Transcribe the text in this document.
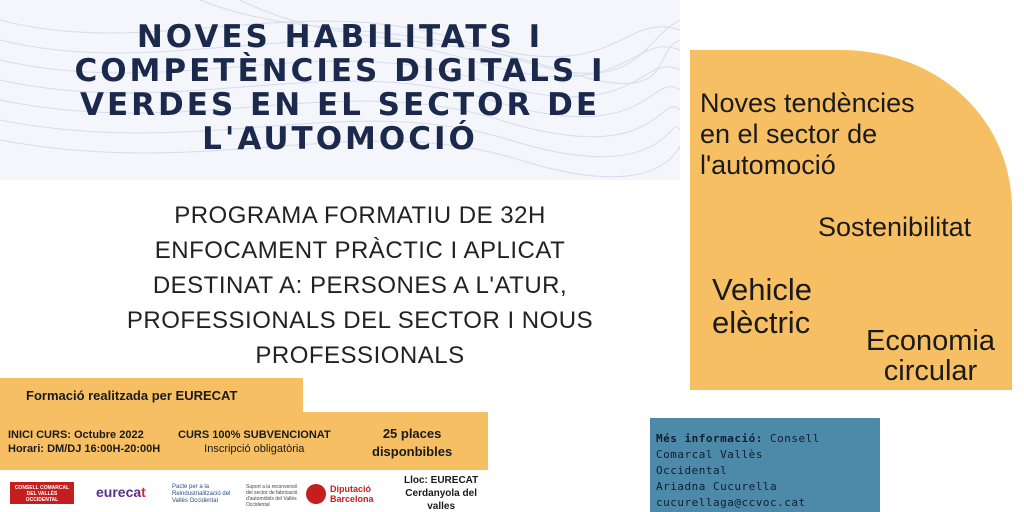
NOVES HABILITATS I
COMPETÈNCIES DIGITALS I
VERDES EN EL SECTOR DE
L'AUTOMOCIÓ
PROGRAMA FORMATIU DE 32H
ENFOCAMENT PRÀCTIC I APLICAT
DESTINAT A: PERSONES A L'ATUR,
PROFESSIONALS DEL SECTOR I NOUS
PROFESSIONALS
Noves tendències
en el sector de
l'automoció
Sostenibilitat
Vehicle
elèctric
Economia
circular
Formació realitzada per EURECAT
INICI CURS: Octubre 2022
Horari: DM/DJ 16:00H-20:00H
CURS 100% SUBVENCIONAT
Inscripció obligatòria
25 places
disponbibles
CONSELL COMARCAL DEL VALLÈS OCCIDENTAL	eurecat	Pacte per a la Reindustrialització del Vallès Occidental
Suport a la reconversió del sector de fabricació d'automòbils del Vallès Occidental
Diputació Barcelona
Lloc: EURECAT
Cerdanyola del
valles
Més informació: Consell
Comarcal Vallès
Occidental
Ariadna Cucurella
cucurellaga@ccvoc.cat
